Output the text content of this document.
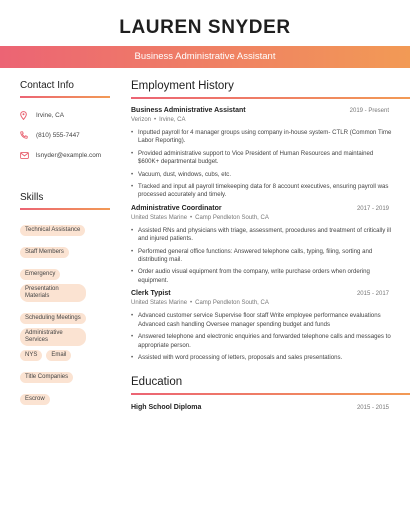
LAUREN SNYDER
Business Administrative Assistant
Contact Info
Irvine, CA
(810) 555-7447
lsnyder@example.com
Skills
Technical Assistance
Staff Members
Emergency
Presentation Materials
Scheduling Meetings
Administrative Services
NYS	Email
Title Companies
Escrow
Employment History
Business Administrative Assistant	2019 - Present
Verizon • Irvine, CA
• Inputted payroll for 4 manager groups using company in-house system- CTLR (Common Time Labor Reporting).
• Provided administrative support to Vice President of Human Resources and maintained $600K+ departmental budget.
• Vacuum, dust, windows, cubs, etc.
• Tracked and input all payroll timekeeping data for 8 account executives, ensuring payroll was processed accurately and timely.
Administrative Coordinator	2017 - 2019
United States Marine • Camp Pendleton South, CA
• Assisted RNs and physicians with triage, assessment, procedures and treatment of critically ill and injured patients.
• Performed general office functions: Answered telephone calls, typing, filing, sorting and distributing mail.
• Order audio visual equipment from the company, write purchase orders when ordering equipment.
Clerk Typist	2015 - 2017
United States Marine • Camp Pendleton South, CA
• Advanced customer service Supervise floor staff Write employee performance evaluations Advanced cash handling Oversee manager spending budget and funds
• Answered telephone and electronic enquiries and forwarded telephone calls and messages to appropriate person.
• Assisted with word processing of letters, proposals and sales presentations.
Education
High School Diploma	2015 - 2015
